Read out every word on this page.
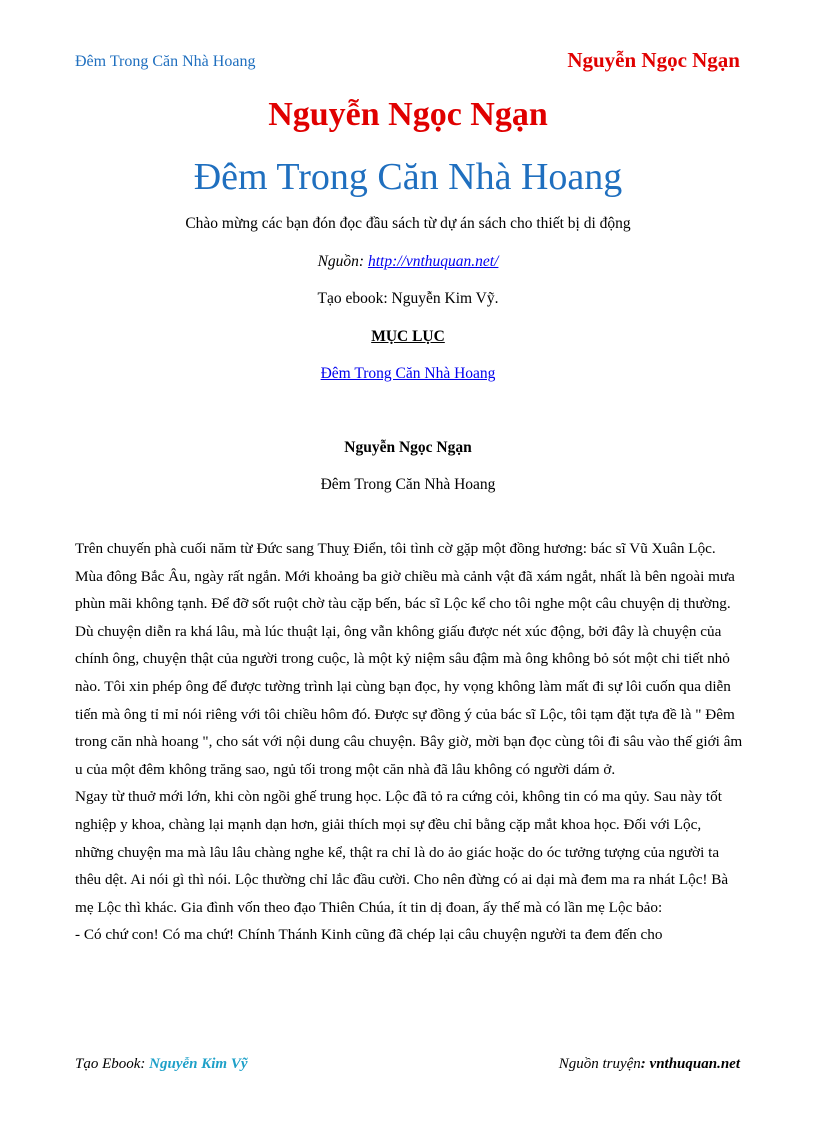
Đêm Trong Căn Nhà Hoang	Nguyễn Ngọc Ngạn
Nguyễn Ngọc Ngạn
Đêm Trong Căn Nhà Hoang
Chào mừng các bạn đón đọc đầu sách từ dự án sách cho thiết bị di động
Nguồn: http://vnthuquan.net/
Tạo ebook: Nguyễn Kim Vỹ.
MỤC LỤC
Đêm Trong Căn Nhà Hoang
Nguyễn Ngọc Ngạn
Đêm Trong Căn Nhà Hoang

Trên chuyến phà cuối năm từ Đức sang Thuỵ Điển, tôi tình cờ gặp một đồng hương: bác sĩ Vũ Xuân Lộc. Mùa đông Bắc Âu, ngày rất ngắn. Mới khoảng ba giờ chiều mà cảnh vật đã xám ngắt, nhất là bên ngoài mưa phùn mãi không tạnh. Để đỡ sốt ruột chờ tàu cặp bến, bác sĩ Lộc kể cho tôi nghe một câu chuyện dị thường. Dù chuyện diễn ra khá lâu, mà lúc thuật lại, ông vẫn không giấu được nét xúc động, bởi đây là chuyện của chính ông, chuyện thật của người trong cuộc, là một kỷ niệm sâu đậm mà ông không bỏ sót một chi tiết nhỏ nào. Tôi xin phép ông để được tường trình lại cùng bạn đọc, hy vọng không làm mất đi sự lôi cuốn qua diễn tiến mà ông tỉ mỉ nói riêng với tôi chiều hôm đó. Được sự đồng ý của bác sĩ Lộc, tôi tạm đặt tựa đề là " Đêm trong căn nhà hoang ", cho sát với nội dung câu chuyện. Bây giờ, mời bạn đọc cùng tôi đi sâu vào thế giới âm u của một đêm không trăng sao, ngủ tối trong một căn nhà đã lâu không có người dám ở.

Ngay từ thuở mới lớn, khi còn ngồi ghế trung học. Lộc đã tỏ ra cứng cỏi, không tin có ma qủy. Sau này tốt nghiệp y khoa, chàng lại mạnh dạn hơn, giải thích mọi sự đều chỉ bằng cặp mắt khoa học. Đối với Lộc, những chuyện ma mà lâu lâu chàng nghe kể, thật ra chỉ là do ảo giác hoặc do óc tưởng tượng của người ta thêu dệt. Ai nói gì thì nói. Lộc thường chỉ lắc đầu cười. Cho nên đừng có ai dại mà đem ma ra nhát Lộc! Bà mẹ Lộc thì khác. Gia đình vốn theo đạo Thiên Chúa, ít tin dị đoan, ấy thế mà có lần mẹ Lộc bảo:

- Có chứ con! Có ma chứ! Chính Thánh Kinh cũng đã chép lại câu chuyện người ta đem đến cho

Tạo Ebook: Nguyễn Kim Vỹ	Nguồn truyện: vnthuquan.net
